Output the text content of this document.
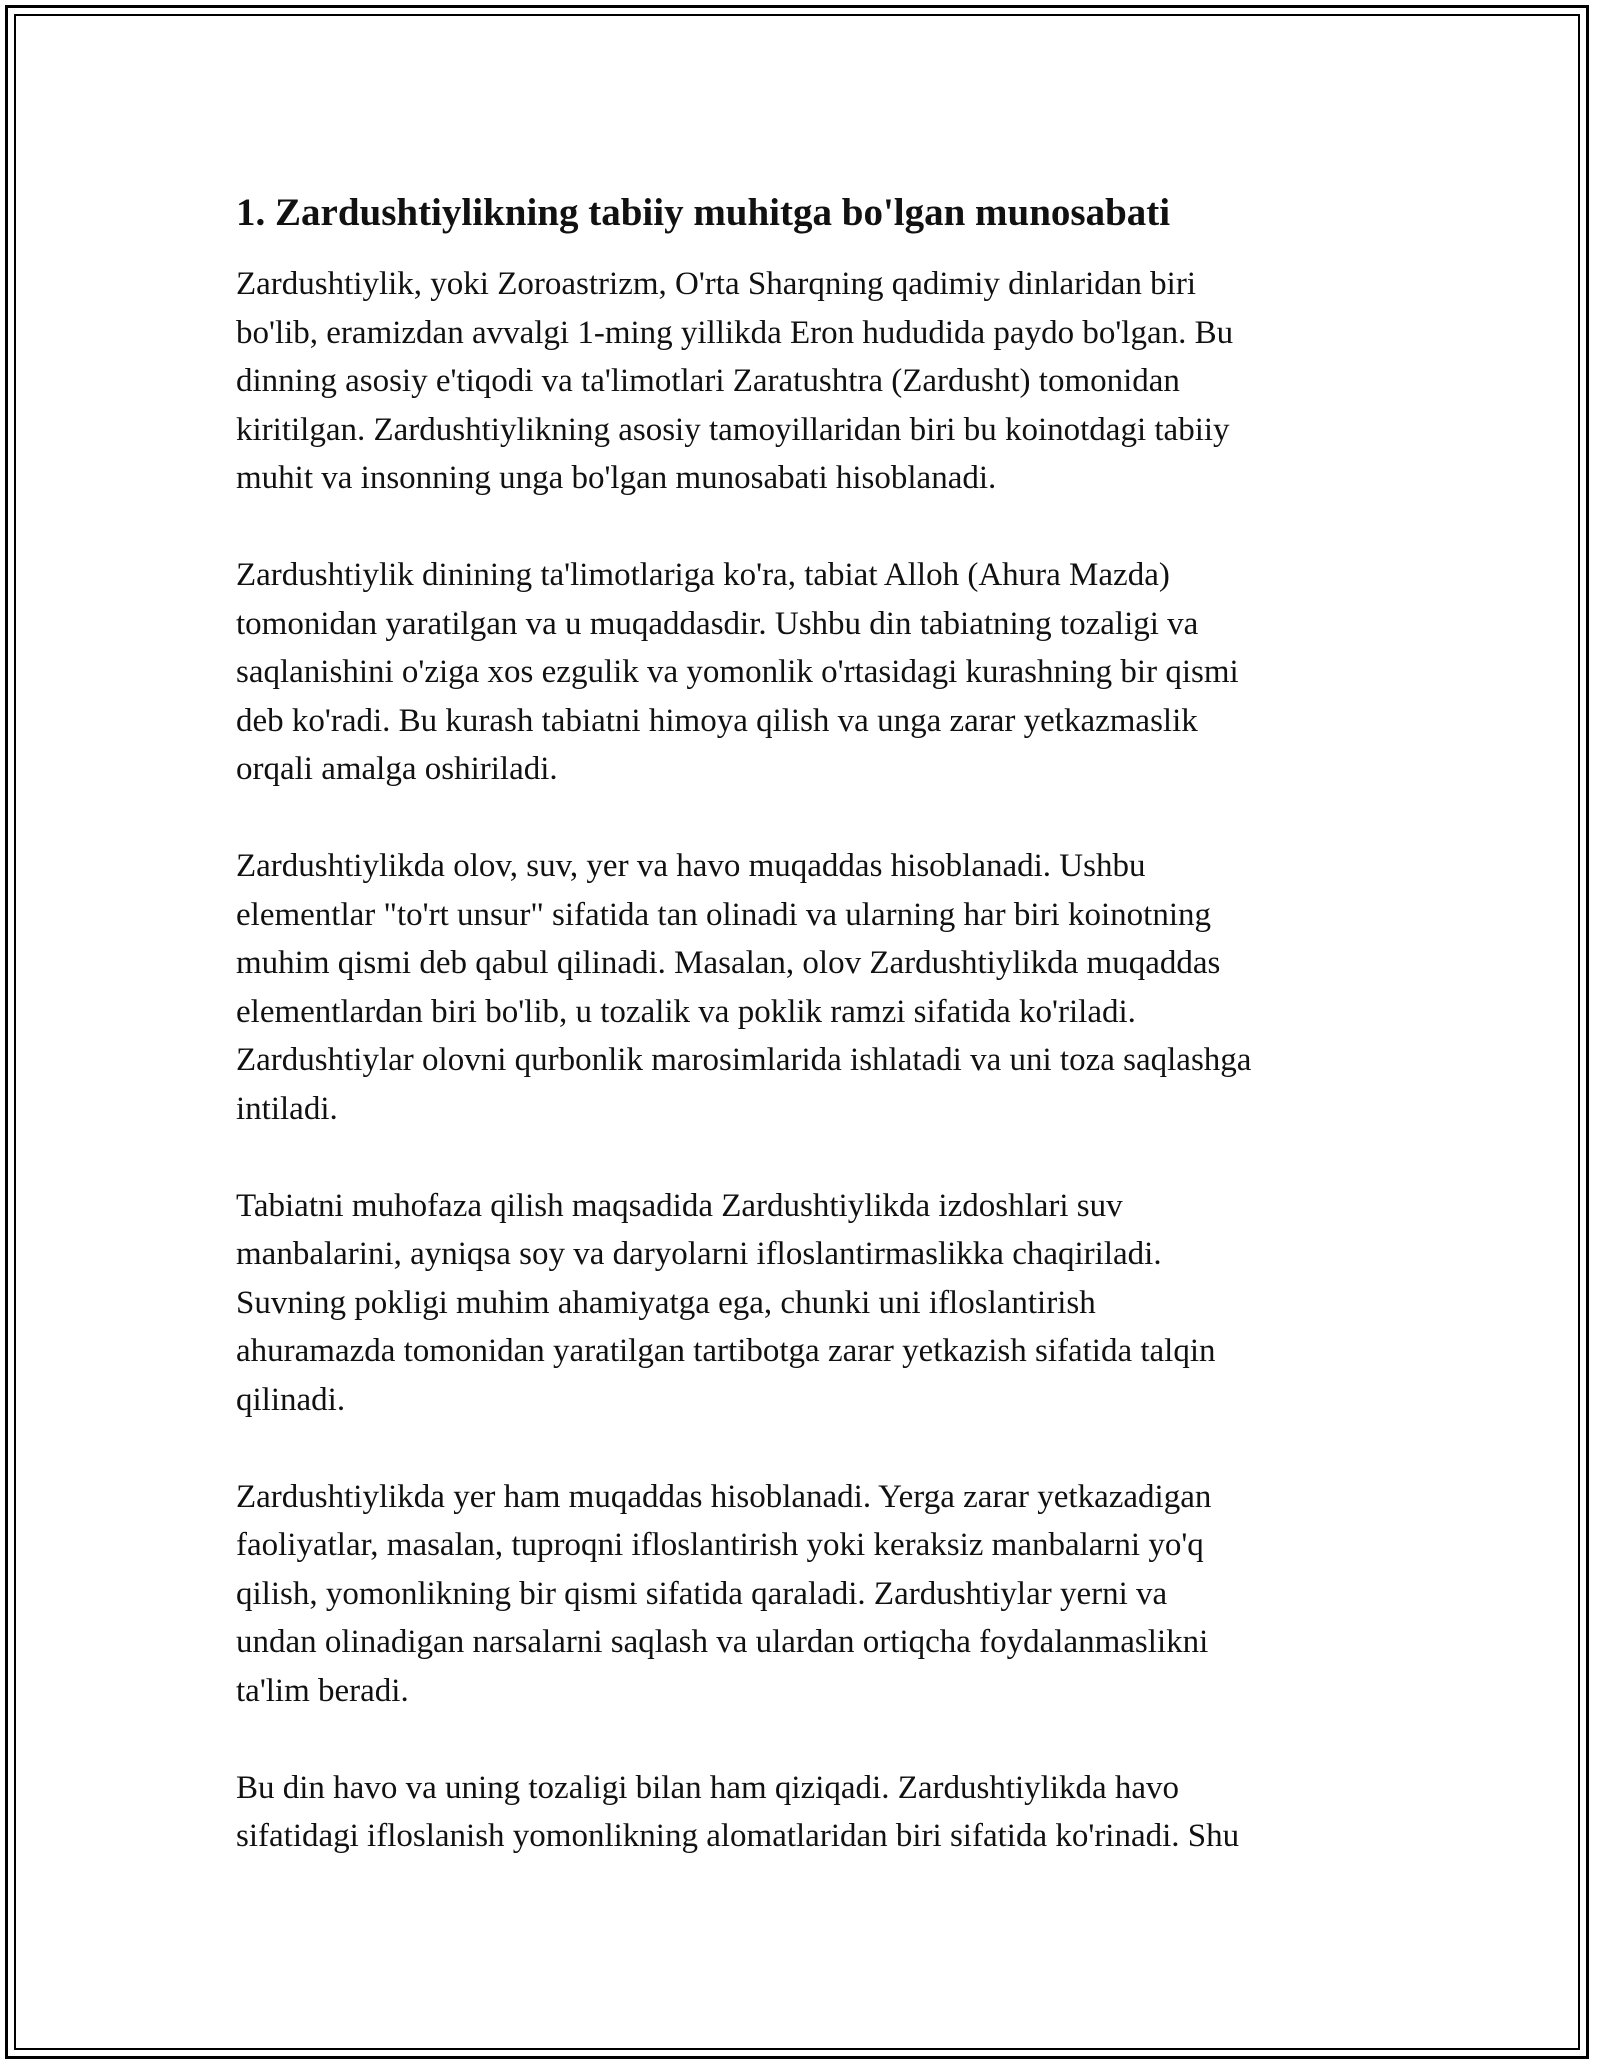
1. Zardushtiylikning tabiiy muhitga bo'lgan munosabati

Zardushtiylik, yoki Zoroastrizm, O'rta Sharqning qadimiy dinlaridan biri
bo'lib, eramizdan avvalgi 1-ming yillikda Eron hududida paydo bo'lgan. Bu
dinning asosiy e'tiqodi va ta'limotlari Zaratushtra (Zardusht) tomonidan
kiritilgan. Zardushtiylikning asosiy tamoyillaridan biri bu koinotdagi tabiiy
muhit va insonning unga bo'lgan munosabati hisoblanadi.

Zardushtiylik dinining ta'limotlariga ko'ra, tabiat Alloh (Ahura Mazda)
tomonidan yaratilgan va u muqaddasdir. Ushbu din tabiatning tozaligi va
saqlanishini o'ziga xos ezgulik va yomonlik o'rtasidagi kurashning bir qismi
deb ko'radi. Bu kurash tabiatni himoya qilish va unga zarar yetkazmaslik
orqali amalga oshiriladi.

Zardushtiylikda olov, suv, yer va havo muqaddas hisoblanadi. Ushbu
elementlar "to'rt unsur" sifatida tan olinadi va ularning har biri koinotning
muhim qismi deb qabul qilinadi. Masalan, olov Zardushtiylikda muqaddas
elementlardan biri bo'lib, u tozalik va poklik ramzi sifatida ko'riladi.
Zardushtiylar olovni qurbonlik marosimlarida ishlatadi va uni toza saqlashga
intiladi.

Tabiatni muhofaza qilish maqsadida Zardushtiylikda izdoshlari suv
manbalarini, ayniqsa soy va daryolarni ifloslantirmaslikka chaqiriladi.
Suvning pokligi muhim ahamiyatga ega, chunki uni ifloslantirish
ahuramazda tomonidan yaratilgan tartibotga zarar yetkazish sifatida talqin
qilinadi.

Zardushtiylikda yer ham muqaddas hisoblanadi. Yerga zarar yetkazadigan
faoliyatlar, masalan, tuproqni ifloslantirish yoki keraksiz manbalarni yo'q
qilish, yomonlikning bir qismi sifatida qaraladi. Zardushtiylar yerni va
undan olinadigan narsalarni saqlash va ulardan ortiqcha foydalanmaslikni
ta'lim beradi.

Bu din havo va uning tozaligi bilan ham qiziqadi. Zardushtiylikda havo
sifatidagi ifloslanish yomonlikning alomatlaridan biri sifatida ko'rinadi. Shu
